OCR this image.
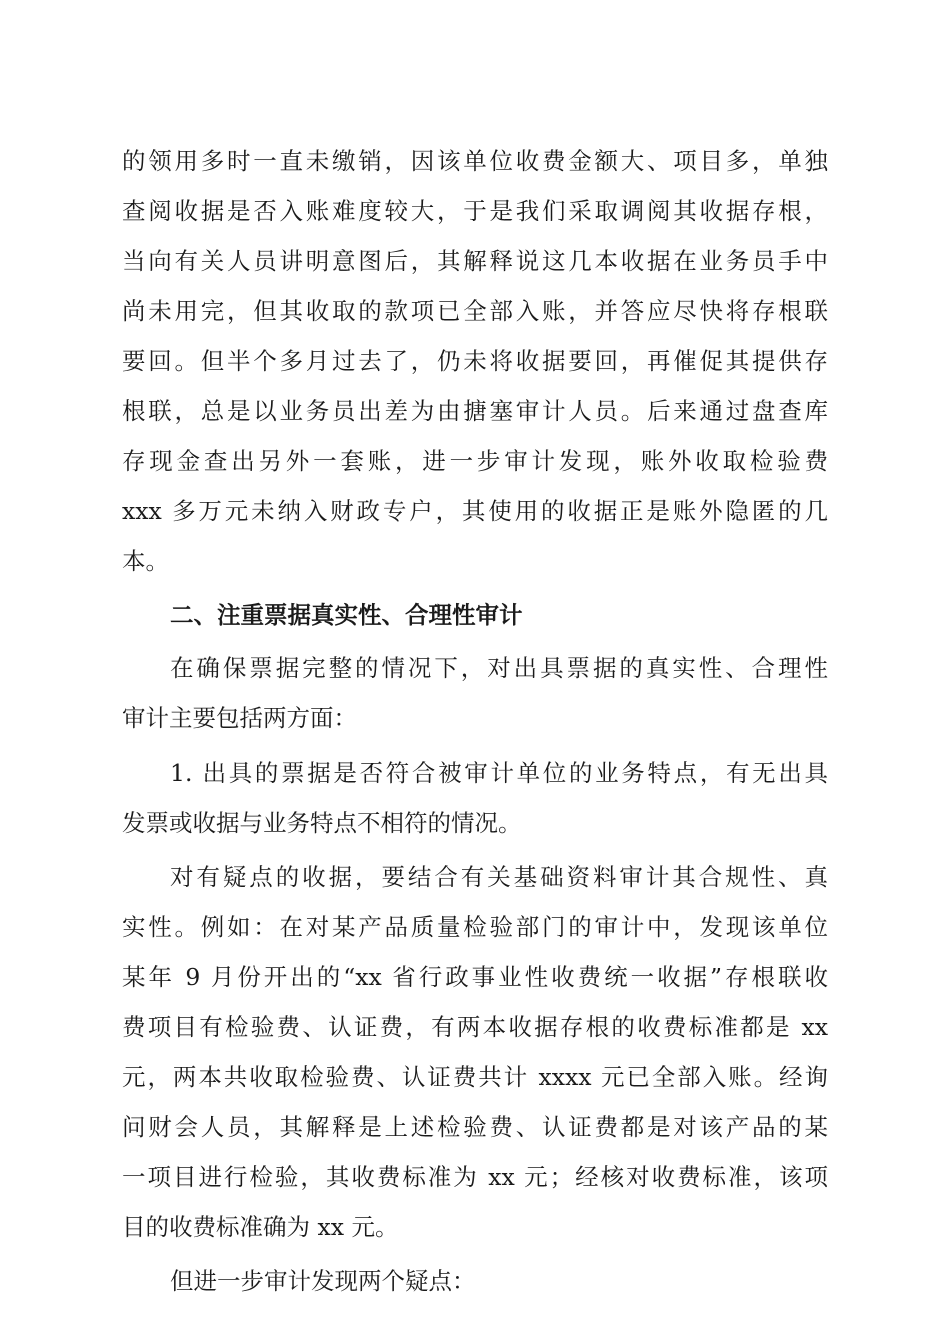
的领用多时一直未缴销，因该单位收费金额大、项目多，单独
查阅收据是否入账难度较大，于是我们采取调阅其收据存根，
当向有关人员讲明意图后，其解释说这几本收据在业务员手中
尚未用完，但其收取的款项已全部入账，并答应尽快将存根联
要回。但半个多月过去了，仍未将收据要回，再催促其提供存
根联，总是以业务员出差为由搪塞审计人员。后来通过盘查库
存现金查出另外一套账，进一步审计发现，账外收取检验费
xxx 多万元未纳入财政专户，其使用的收据正是账外隐匿的几
本。
二、注重票据真实性、合理性审计
在确保票据完整的情况下，对出具票据的真实性、合理性
审计主要包括两方面：
1. 出具的票据是否符合被审计单位的业务特点，有无出具
发票或收据与业务特点不相符的情况。
对有疑点的收据，要结合有关基础资料审计其合规性、真
实性。例如：在对某产品质量检验部门的审计中，发现该单位
某年 9 月份开出的“xx 省行政事业性收费统一收据”存根联收
费项目有检验费、认证费，有两本收据存根的收费标准都是 xx
元，两本共收取检验费、认证费共计 xxxx 元已全部入账。经询
问财会人员，其解释是上述检验费、认证费都是对该产品的某
一项目进行检验，其收费标准为 xx 元；经核对收费标准，该项
目的收费标准确为 xx 元。
但进一步审计发现两个疑点：
